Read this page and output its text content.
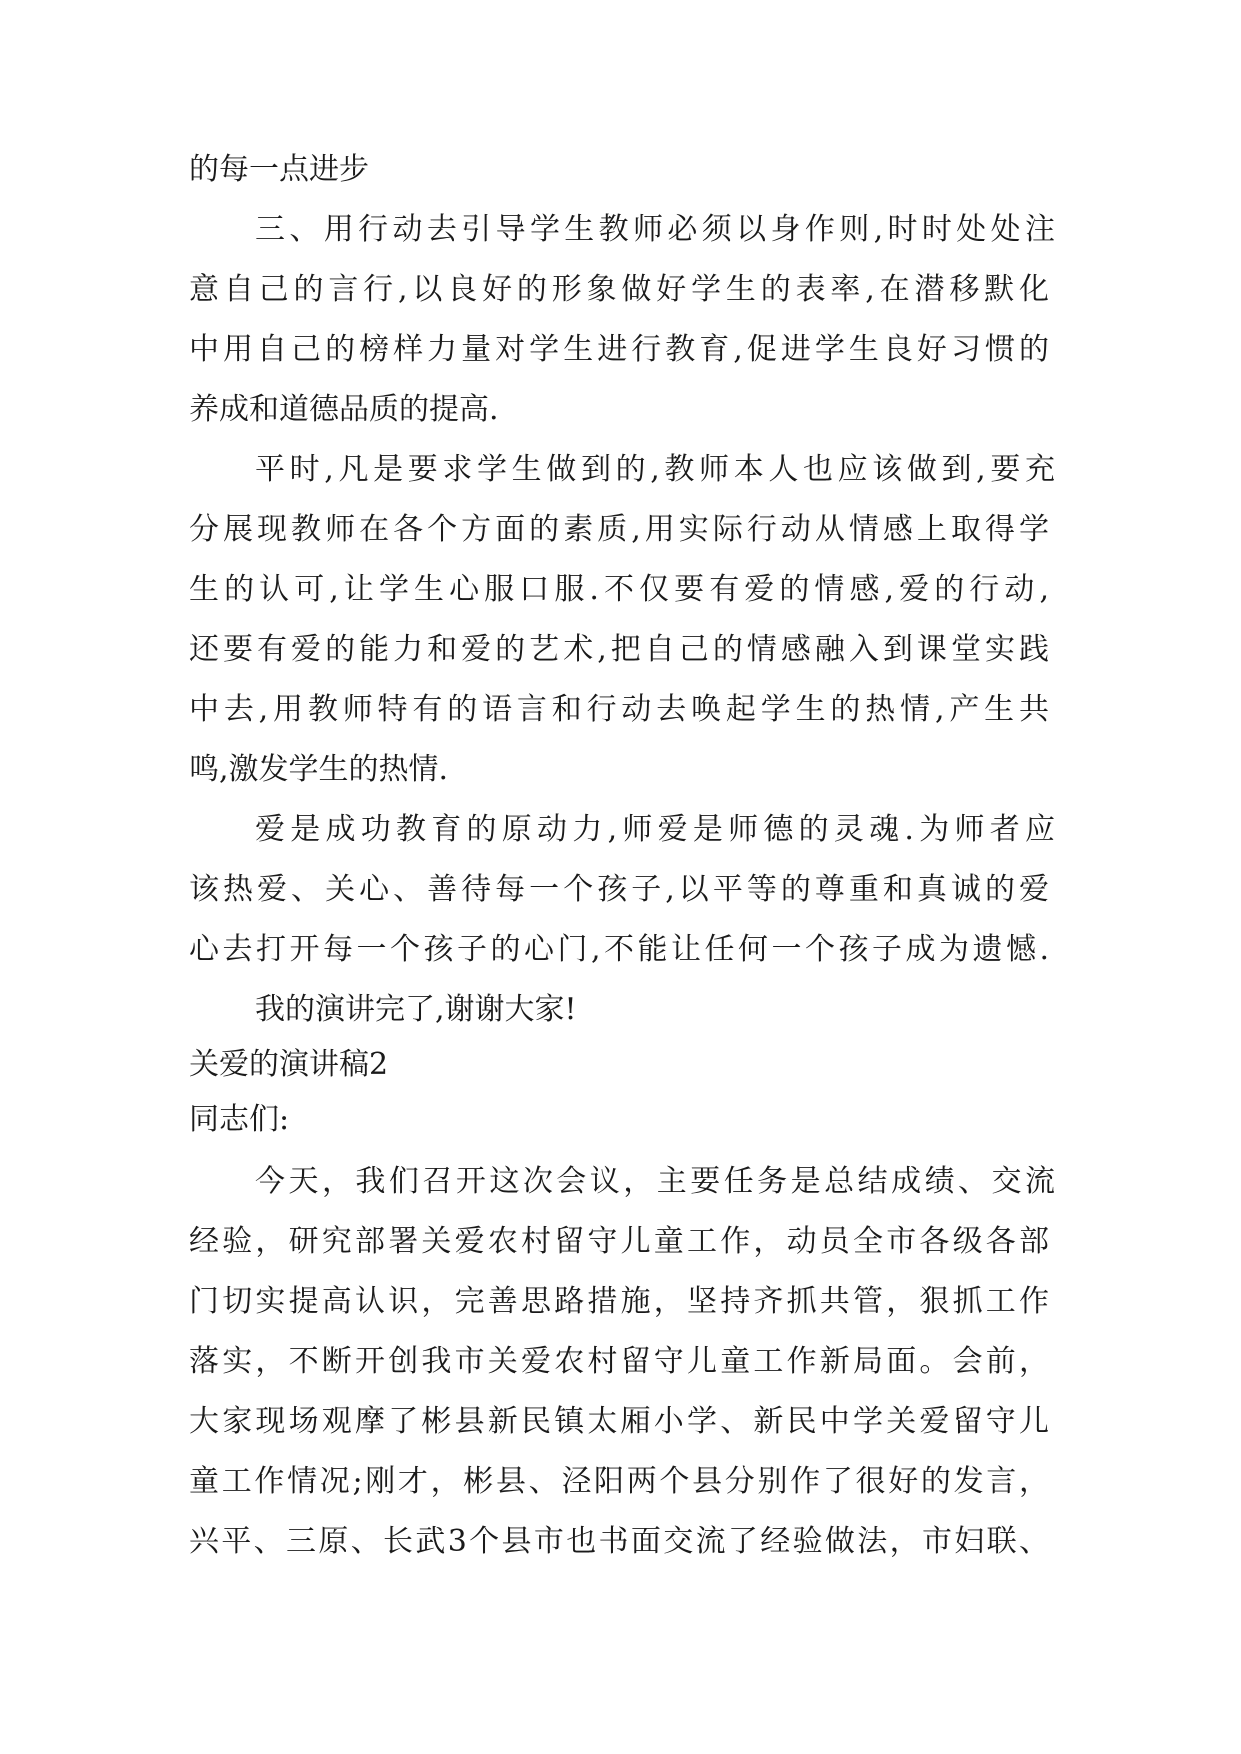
的每一点进步
三、用行动去引导学生教师必须以身作则,时时处处注
意自己的言行,以良好的形象做好学生的表率,在潜移默化
中用自己的榜样力量对学生进行教育,促进学生良好习惯的
养成和道德品质的提高.
平时,凡是要求学生做到的,教师本人也应该做到,要充
分展现教师在各个方面的素质,用实际行动从情感上取得学
生的认可,让学生心服口服.不仅要有爱的情感,爱的行动,
还要有爱的能力和爱的艺术,把自己的情感融入到课堂实践
中去,用教师特有的语言和行动去唤起学生的热情,产生共
鸣,激发学生的热情.
爱是成功教育的原动力,师爱是师德的灵魂.为师者应
该热爱、关心、善待每一个孩子,以平等的尊重和真诚的爱
心去打开每一个孩子的心门,不能让任何一个孩子成为遗憾.
我的演讲完了,谢谢大家!
关爱的演讲稿2
同志们:
今天，我们召开这次会议，主要任务是总结成绩、交流
经验，研究部署关爱农村留守儿童工作，动员全市各级各部
门切实提高认识，完善思路措施，坚持齐抓共管，狠抓工作
落实，不断开创我市关爱农村留守儿童工作新局面。会前，
大家现场观摩了彬县新民镇太厢小学、新民中学关爱留守儿
童工作情况;刚才，彬县、泾阳两个县分别作了很好的发言，
兴平、三原、长武3个县市也书面交流了经验做法，市妇联、
